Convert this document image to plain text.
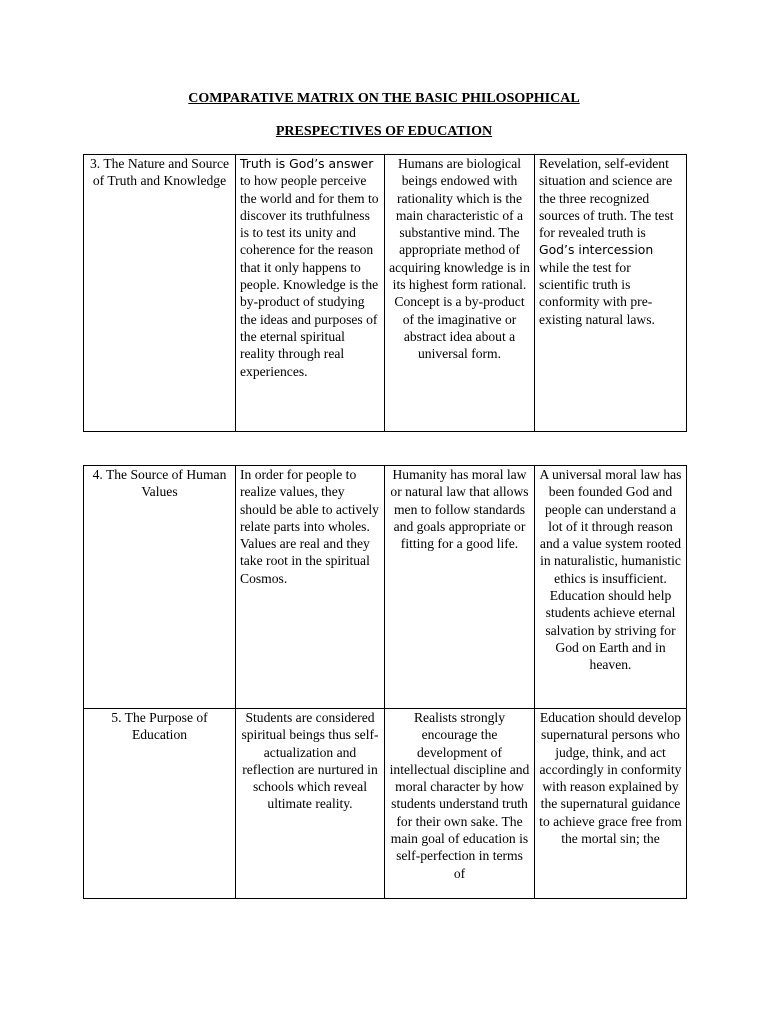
COMPARATIVE MATRIX ON THE BASIC PHILOSOPHICAL
PRESPECTIVES OF EDUCATION
3. The Nature and Source of Truth and Knowledge	Truth is God’s answer to how people perceive the world and for them to discover its truthfulness is to test its unity and coherence for the reason that it only happens to people. Knowledge is the by-product of studying the ideas and purposes of the eternal spiritual reality through real experiences.	Humans are biological beings endowed with rationality which is the main characteristic of a substantive mind. The appropriate method of acquiring knowledge is in its highest form rational. Concept is a by-product of the imaginative or abstract idea about a universal form.	Revelation, self-evident situation and science are the three recognized sources of truth. The test for revealed truth is God’s intercession while the test for scientific truth is conformity with pre-existing natural laws.
4. The Source of Human Values	In order for people to realize values, they should be able to actively relate parts into wholes. Values are real and they take root in the spiritual Cosmos.	Humanity has moral law or natural law that allows men to follow standards and goals appropriate or fitting for a good life.	A universal moral law has been founded God and people can understand a lot of it through reason and a value system rooted in naturalistic, humanistic ethics is insufficient. Education should help students achieve eternal salvation by striving for God on Earth and in heaven.
5. The Purpose of Education	Students are considered spiritual beings thus self-actualization and reflection are nurtured in schools which reveal ultimate reality.	Realists strongly encourage the development of intellectual discipline and moral character by how students understand truth for their own sake. The main goal of education is self-perfection in terms of	Education should develop supernatural persons who judge, think, and act accordingly in conformity with reason explained by the supernatural guidance to achieve grace free from the mortal sin; the
